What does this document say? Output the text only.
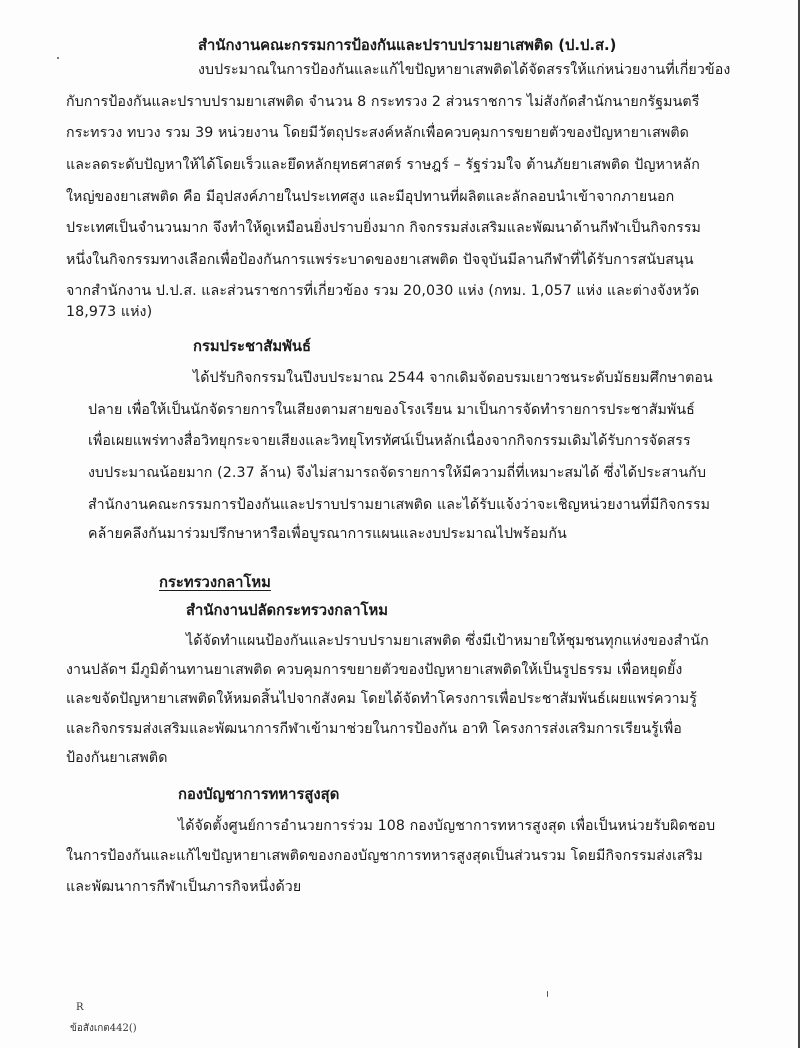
สำนักงานคณะกรรมการป้องกันและปราบปรามยาเสพติด (ป.ป.ส.)
งบประมาณในการป้องกันและแก้ไขปัญหายาเสพติดได้จัดสรรให้แก่หน่วยงานที่เกี่ยวข้อง
กับการป้องกันและปราบปรามยาเสพติด จำนวน 8 กระทรวง 2 ส่วนราชการ ไม่สังกัดสำนักนายกรัฐมนตรี
กระทรวง ทบวง รวม 39 หน่วยงาน โดยมีวัตถุประสงค์หลักเพื่อควบคุมการขยายตัวของปัญหายาเสพติด
และลดระดับปัญหาให้ได้โดยเร็วและยึดหลักยุทธศาสตร์ ราษฎร์ – รัฐร่วมใจ ต้านภัยยาเสพติด ปัญหาหลัก
ใหญ่ของยาเสพติด คือ มีอุปสงค์ภายในประเทศสูง และมีอุปทานที่ผลิตและลักลอบนำเข้าจากภายนอก
ประเทศเป็นจำนวนมาก จึงทำให้ดูเหมือนยิ่งปราบยิ่งมาก กิจกรรมส่งเสริมและพัฒนาด้านกีฬาเป็นกิจกรรม
หนึ่งในกิจกรรมทางเลือกเพื่อป้องกันการแพร่ระบาดของยาเสพติด ปัจจุบันมีลานกีฬาที่ได้รับการสนับสนุน
จากสำนักงาน ป.ป.ส. และส่วนราชการที่เกี่ยวข้อง รวม 20,030 แห่ง (กทม. 1,057 แห่ง และต่างจังหวัด
18,973 แห่ง)
กรมประชาสัมพันธ์
ได้ปรับกิจกรรมในปีงบประมาณ 2544 จากเดิมจัดอบรมเยาวชนระดับมัธยมศึกษาตอน
ปลาย เพื่อให้เป็นนักจัดรายการในเสียงตามสายของโรงเรียน มาเป็นการจัดทำรายการประชาสัมพันธ์
เพื่อเผยแพร่ทางสื่อวิทยุกระจายเสียงและวิทยุโทรทัศน์เป็นหลักเนื่องจากกิจกรรมเดิมได้รับการจัดสรร
งบประมาณน้อยมาก (2.37 ล้าน) จึงไม่สามารถจัดรายการให้มีความถี่ที่เหมาะสมได้ ซึ่งได้ประสานกับ
สำนักงานคณะกรรมการป้องกันและปราบปรามยาเสพติด และได้รับแจ้งว่าจะเชิญหน่วยงานที่มีกิจกรรม
คล้ายคลึงกันมาร่วมปรึกษาหารือเพื่อบูรณาการแผนและงบประมาณไปพร้อมกัน
กระทรวงกลาโหม
สำนักงานปลัดกระทรวงกลาโหม
ได้จัดทำแผนป้องกันและปราบปรามยาเสพติด ซึ่งมีเป้าหมายให้ชุมชนทุกแห่งของสำนัก
งานปลัดฯ มีภูมิต้านทานยาเสพติด ควบคุมการขยายตัวของปัญหายาเสพติดให้เป็นรูปธรรม เพื่อหยุดยั้ง
และขจัดปัญหายาเสพติดให้หมดสิ้นไปจากสังคม โดยได้จัดทำโครงการเพื่อประชาสัมพันธ์เผยแพร่ความรู้
และกิจกรรมส่งเสริมและพัฒนาการกีฬาเข้ามาช่วยในการป้องกัน อาทิ โครงการส่งเสริมการเรียนรู้เพื่อ
ป้องกันยาเสพติด
กองบัญชาการทหารสูงสุด
ได้จัดตั้งศูนย์การอำนวยการร่วม 108 กองบัญชาการทหารสูงสุด เพื่อเป็นหน่วยรับผิดชอบ
ในการป้องกันและแก้ไขปัญหายาเสพติดของกองบัญชาการทหารสูงสุดเป็นส่วนรวม โดยมีกิจกรรมส่งเสริม
และพัฒนาการกีฬาเป็นภารกิจหนึ่งด้วย
R
ข้อสังเกต442()
